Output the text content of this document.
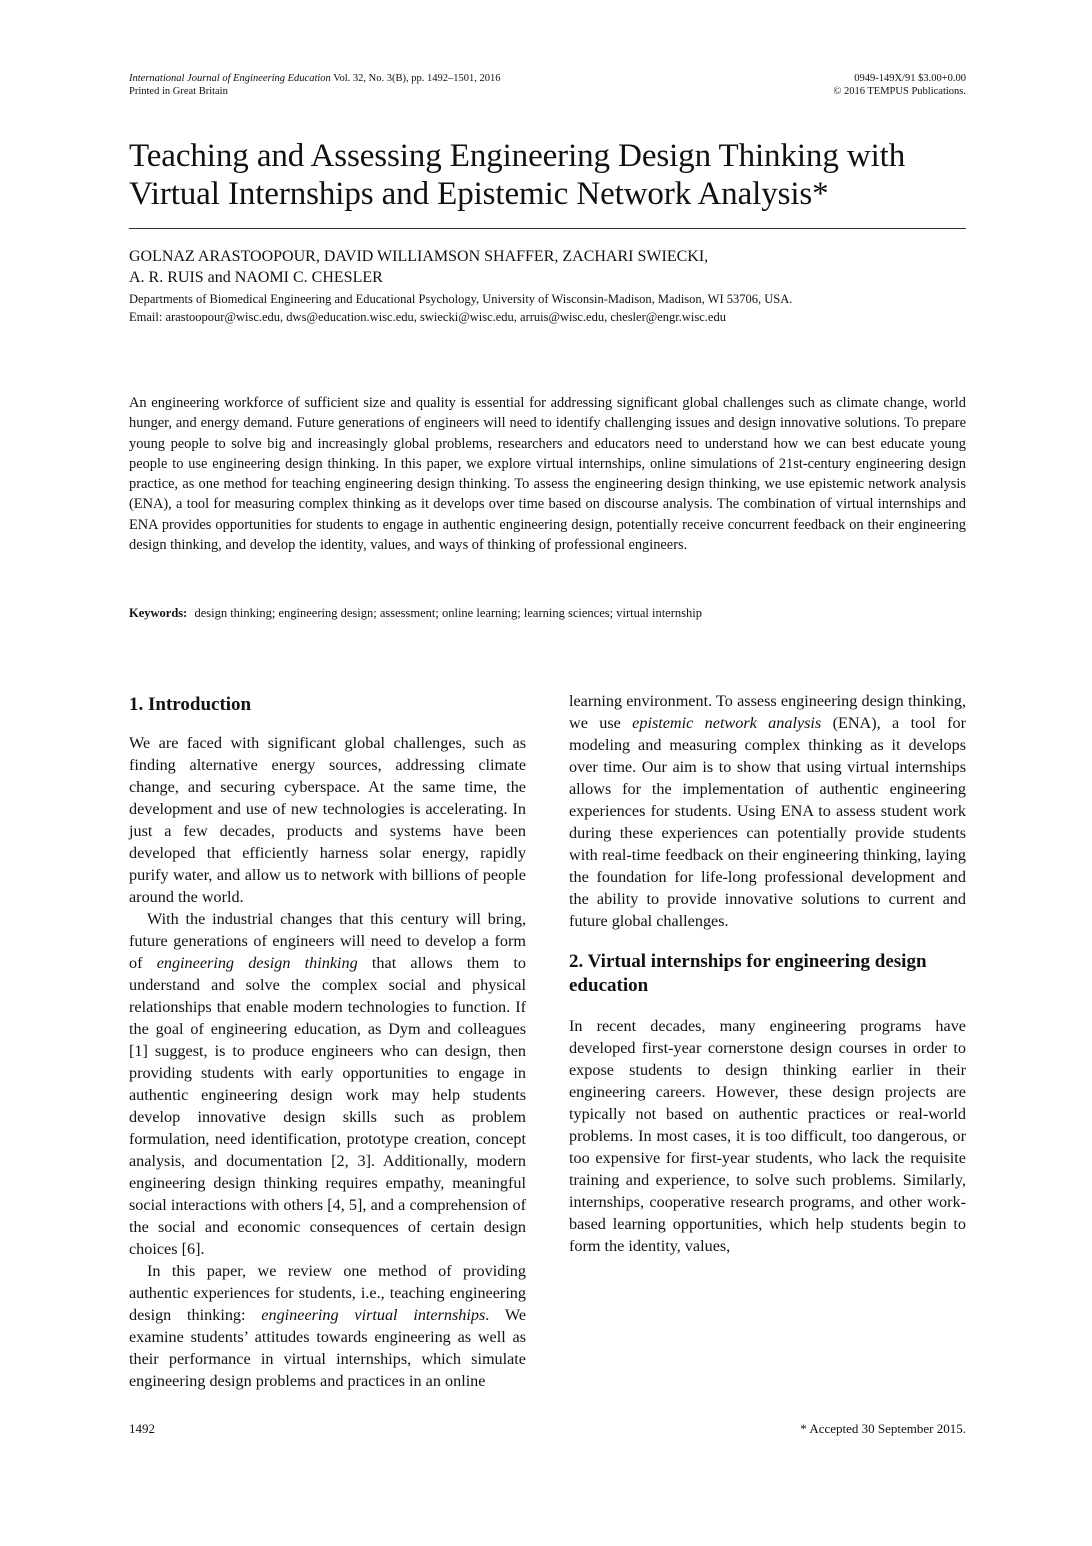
International Journal of Engineering Education Vol. 32, No. 3(B), pp. 1492–1501, 2016
Printed in Great Britain
0949-149X/91 $3.00+0.00
© 2016 TEMPUS Publications.
Teaching and Assessing Engineering Design Thinking with Virtual Internships and Epistemic Network Analysis*
GOLNAZ ARASTOOPOUR, DAVID WILLIAMSON SHAFFER, ZACHARI SWIECKI,
A. R. RUIS and NAOMI C. CHESLER
Departments of Biomedical Engineering and Educational Psychology, University of Wisconsin-Madison, Madison, WI 53706, USA.
Email: arastoopour@wisc.edu, dws@education.wisc.edu, swiecki@wisc.edu, arruis@wisc.edu, chesler@engr.wisc.edu

An engineering workforce of sufficient size and quality is essential for addressing significant global challenges such as climate change, world hunger, and energy demand. Future generations of engineers will need to identify challenging issues and design innovative solutions. To prepare young people to solve big and increasingly global problems, researchers and educators need to understand how we can best educate young people to use engineering design thinking. In this paper, we explore virtual internships, online simulations of 21st-century engineering design practice, as one method for teaching engineering design thinking. To assess the engineering design thinking, we use epistemic network analysis (ENA), a tool for measuring complex thinking as it develops over time based on discourse analysis. The combination of virtual internships and ENA provides opportunities for students to engage in authentic engineering design, potentially receive concurrent feedback on their engineering design thinking, and develop the identity, values, and ways of thinking of professional engineers.

Keywords: design thinking; engineering design; assessment; online learning; learning sciences; virtual internship
1. Introduction

We are faced with significant global challenges, such as finding alternative energy sources, addressing climate change, and securing cyberspace. At the same time, the development and use of new technologies is accelerating. In just a few decades, products and systems have been developed that efficiently harness solar energy, rapidly purify water, and allow us to network with billions of people around the world.

With the industrial changes that this century will bring, future generations of engineers will need to develop a form of engineering design thinking that allows them to understand and solve the complex social and physical relationships that enable modern technologies to function. If the goal of engineering education, as Dym and colleagues [1] suggest, is to produce engineers who can design, then providing students with early opportunities to engage in authentic engineering design work may help students develop innovative design skills such as problem formulation, need identification, prototype creation, concept analysis, and documentation [2, 3]. Additionally, modern engineering design thinking requires empathy, meaningful social interactions with others [4, 5], and a comprehension of the social and economic consequences of certain design choices [6].

In this paper, we review one method of providing authentic experiences for students, i.e., teaching engineering design thinking: engineering virtual internships. We examine students’ attitudes towards engineering as well as their performance in virtual internships, which simulate engineering design problems and practices in an online

learning environment. To assess engineering design thinking, we use epistemic network analysis (ENA), a tool for modeling and measuring complex thinking as it develops over time. Our aim is to show that using virtual internships allows for the implementation of authentic engineering experiences for students. Using ENA to assess student work during these experiences can potentially provide students with real-time feedback on their engineering thinking, laying the foundation for life-long professional development and the ability to provide innovative solutions to current and future global challenges.

2. Virtual internships for engineering design education

In recent decades, many engineering programs have developed first-year cornerstone design courses in order to expose students to design thinking earlier in their engineering careers. However, these design projects are typically not based on authentic practices or real-world problems. In most cases, it is too difficult, too dangerous, or too expensive for first-year students, who lack the requisite training and experience, to solve such problems. Similarly, internships, cooperative research programs, and other work-based learning opportunities, which help students begin to form the identity, values,

1492	* Accepted 30 September 2015.
